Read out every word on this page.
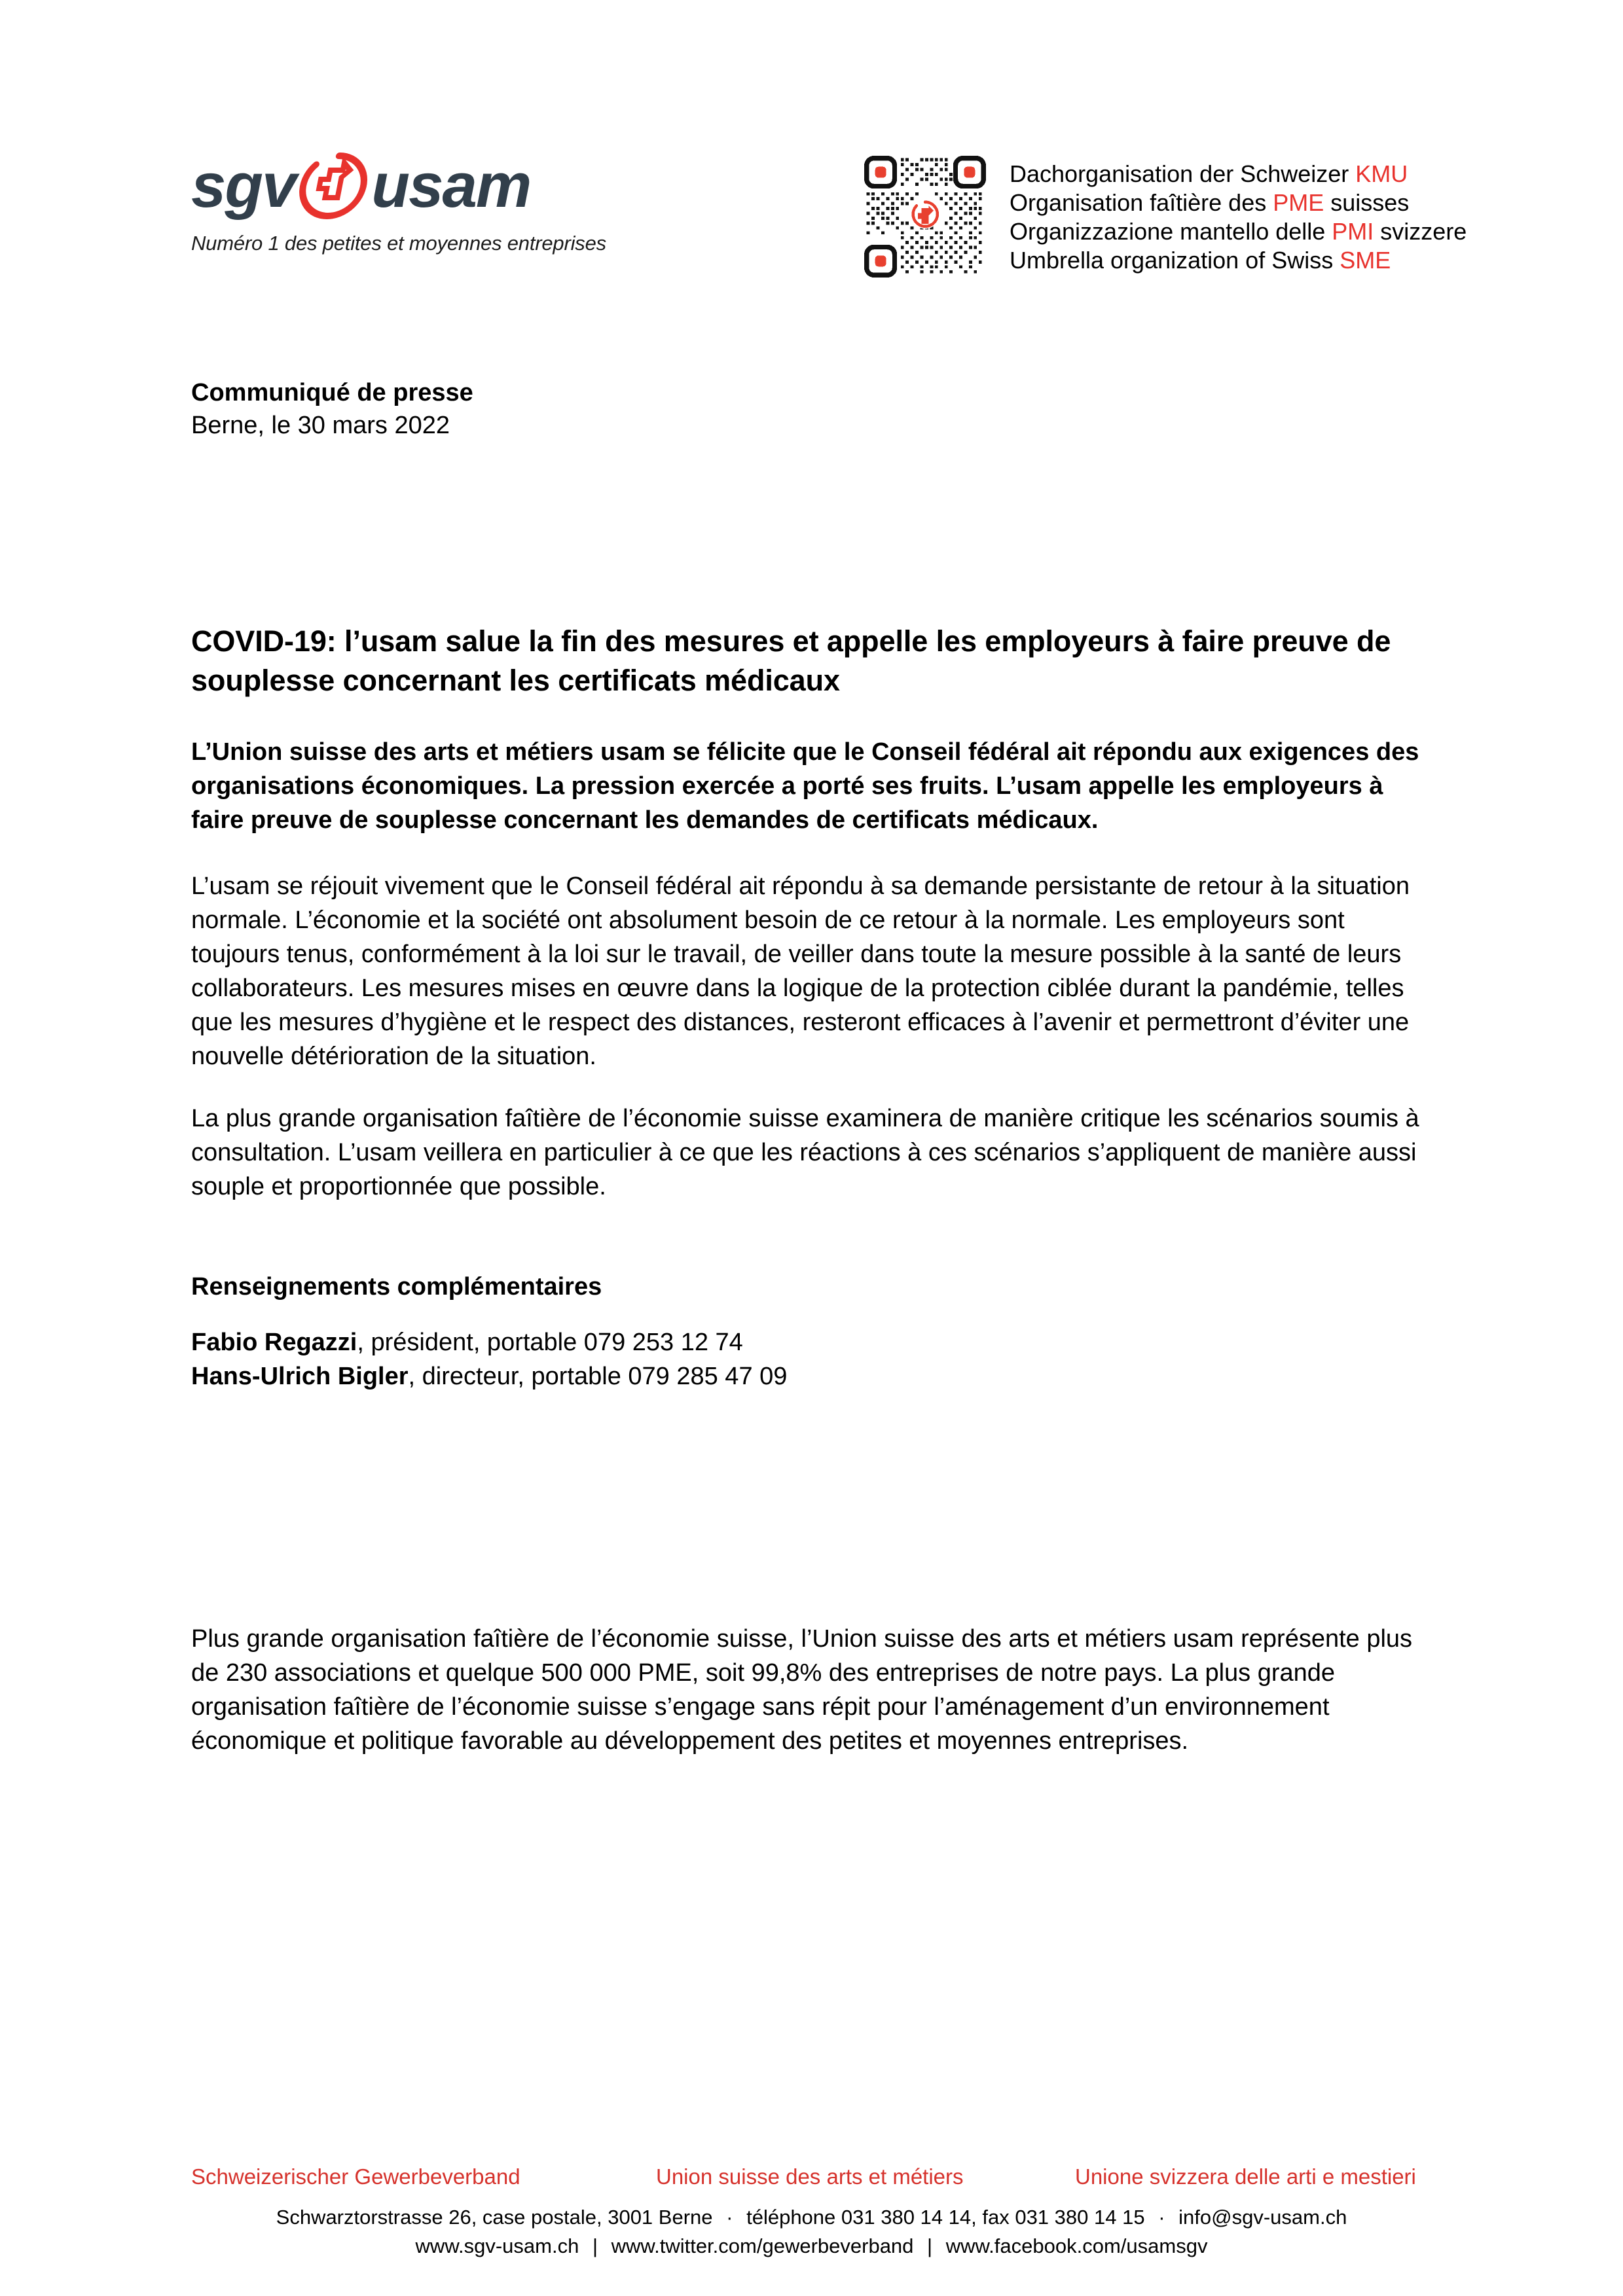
sgv usam
Numéro 1 des petites et moyennes entreprises
Dachorganisation der Schweizer KMU
Organisation faîtière des PME suisses
Organizzazione mantello delle PMI svizzere
Umbrella organization of Swiss SME
Communiqué de presse
Berne, le 30 mars 2022
COVID-19: l’usam salue la fin des mesures et appelle les employeurs à faire preuve de souplesse concernant les certificats médicaux

L’Union suisse des arts et métiers usam se félicite que le Conseil fédéral ait répondu aux exigences des organisations économiques. La pression exercée a porté ses fruits. L’usam appelle les employeurs à faire preuve de souplesse concernant les demandes de certificats médicaux.

L’usam se réjouit vivement que le Conseil fédéral ait répondu à sa demande persistante de retour à la situation normale. L’économie et la société ont absolument besoin de ce retour à la normale. Les employeurs sont toujours tenus, conformément à la loi sur le travail, de veiller dans toute la mesure possible à la santé de leurs collaborateurs. Les mesures mises en œuvre dans la logique de la protection ciblée durant la pandémie, telles que les mesures d’hygiène et le respect des distances, resteront efficaces à l’avenir et permettront d’éviter une nouvelle détérioration de la situation.

La plus grande organisation faîtière de l’économie suisse examinera de manière critique les scénarios soumis à consultation. L’usam veillera en particulier à ce que les réactions à ces scénarios s’appliquent de manière aussi souple et proportionnée que possible.

Renseignements complémentaires
Fabio Regazzi, président, portable 079 253 12 74
Hans-Ulrich Bigler, directeur, portable 079 285 47 09

Plus grande organisation faîtière de l’économie suisse, l’Union suisse des arts et métiers usam représente plus de 230 associations et quelque 500 000 PME, soit 99,8% des entreprises de notre pays. La plus grande organisation faîtière de l’économie suisse s’engage sans répit pour l’aménagement d’un environnement économique et politique favorable au développement des petites et moyennes entreprises.

Schweizerischer Gewerbeverband	Union suisse des arts et métiers	Unione svizzera delle arti e mestieri
Schwarztorstrasse 26, case postale, 3001 Berne · téléphone 031 380 14 14, fax 031 380 14 15 · info@sgv-usam.ch
www.sgv-usam.ch | www.twitter.com/gewerbeverband | www.facebook.com/usamsgv
